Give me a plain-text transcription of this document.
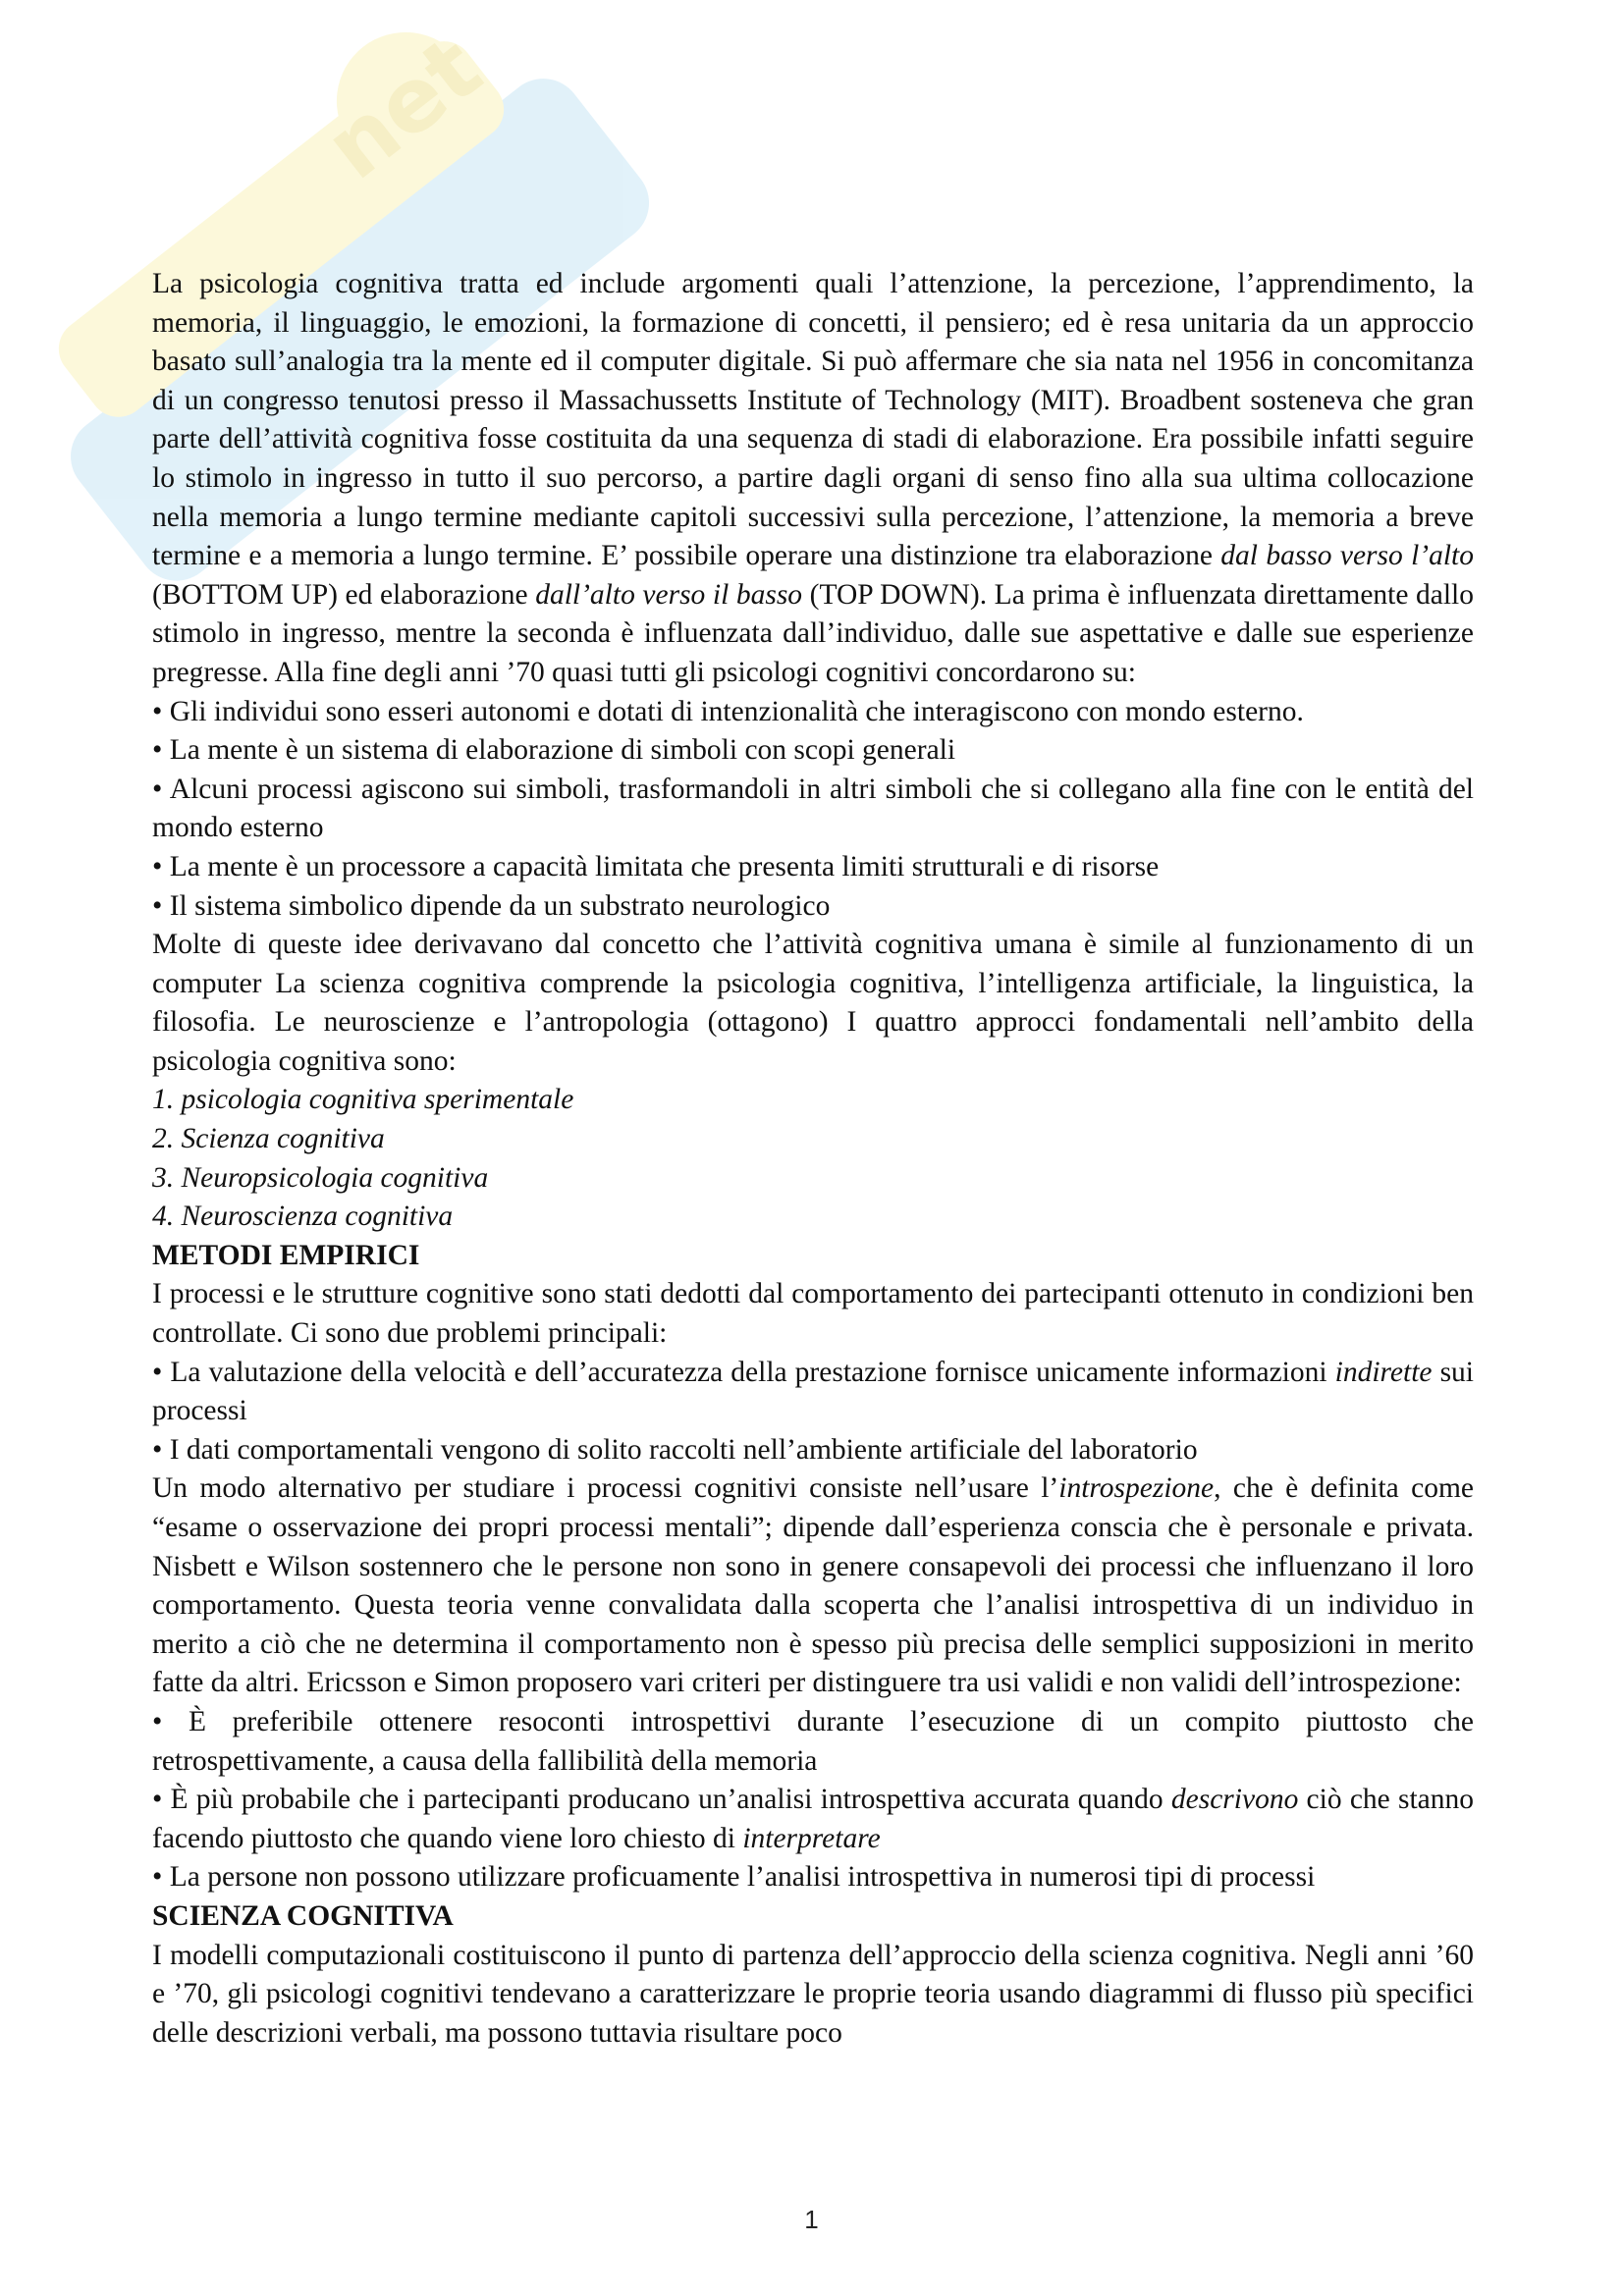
net

La psicologia cognitiva tratta ed include argomenti quali l’attenzione, la percezione, l’apprendimento, la memoria, il linguaggio, le emozioni, la formazione di concetti, il pensiero; ed è resa unitaria da un approccio basato sull’analogia tra la mente ed il computer digitale. Si può affermare che sia nata nel 1956 in concomitanza di un congresso tenutosi presso il Massachussetts Institute of Technology (MIT). Broadbent sosteneva che gran parte dell’attività cognitiva fosse costituita da una sequenza di stadi di elaborazione. Era possibile infatti seguire lo stimolo in ingresso in tutto il suo percorso, a partire dagli organi di senso fino alla sua ultima collocazione nella memoria a lungo termine mediante capitoli successivi sulla percezione, l’attenzione, la memoria a breve termine e a memoria a lungo termine. E’ possibile operare una distinzione tra elaborazione dal basso verso l’alto (BOTTOM UP) ed elaborazione dall’alto verso il basso (TOP DOWN). La prima è influenzata direttamente dallo stimolo in ingresso, mentre la seconda è influenzata dall’individuo, dalle sue aspettative e dalle sue esperienze pregresse. Alla fine degli anni ’70 quasi tutti gli psicologi cognitivi concordarono su:

• Gli individui sono esseri autonomi e dotati di intenzionalità che interagiscono con mondo esterno.

• La mente è un sistema di elaborazione di simboli con scopi generali

• Alcuni processi agiscono sui simboli, trasformandoli in altri simboli che si collegano alla fine con le entità del mondo esterno

• La mente è un processore a capacità limitata che presenta limiti strutturali e di risorse

• Il sistema simbolico dipende da un substrato neurologico

Molte di queste idee derivavano dal concetto che l’attività cognitiva umana è simile al funzionamento di un computer La scienza cognitiva comprende la psicologia cognitiva, l’intelligenza artificiale, la linguistica, la filosofia. Le neuroscienze e l’antropologia (ottagono) I quattro approcci fondamentali nell’ambito della psicologia cognitiva sono:

1. psicologia cognitiva sperimentale

2. Scienza cognitiva

3. Neuropsicologia cognitiva

4. Neuroscienza cognitiva

METODI EMPIRICI

I processi e le strutture cognitive sono stati dedotti dal comportamento dei partecipanti ottenuto in condizioni ben controllate. Ci sono due problemi principali:

• La valutazione della velocità e dell’accuratezza della prestazione fornisce unicamente informazioni indirette sui processi

• I dati comportamentali vengono di solito raccolti nell’ambiente artificiale del laboratorio

Un modo alternativo per studiare i processi cognitivi consiste nell’usare l’introspezione, che è definita come “esame o osservazione dei propri processi mentali”; dipende dall’esperienza conscia che è personale e privata. Nisbett e Wilson sostennero che le persone non sono in genere consapevoli dei processi che influenzano il loro comportamento. Questa teoria venne convalidata dalla scoperta che l’analisi introspettiva di un individuo in merito a ciò che ne determina il comportamento non è spesso più precisa delle semplici supposizioni in merito fatte da altri. Ericsson e Simon proposero vari criteri per distinguere tra usi validi e non validi dell’introspezione:

• È preferibile ottenere resoconti introspettivi durante l’esecuzione di un compito piuttosto che retrospettivamente, a causa della fallibilità della memoria

• È più probabile che i partecipanti producano un’analisi introspettiva accurata quando descrivono ciò che stanno facendo piuttosto che quando viene loro chiesto di interpretare

• La persone non possono utilizzare proficuamente l’analisi introspettiva in numerosi tipi di processi

SCIENZA COGNITIVA

I modelli computazionali costituiscono il punto di partenza dell’approccio della scienza cognitiva. Negli anni ’60 e ’70, gli psicologi cognitivi tendevano a caratterizzare le proprie teoria usando diagrammi di flusso più specifici delle descrizioni verbali, ma possono tuttavia risultare poco

1
